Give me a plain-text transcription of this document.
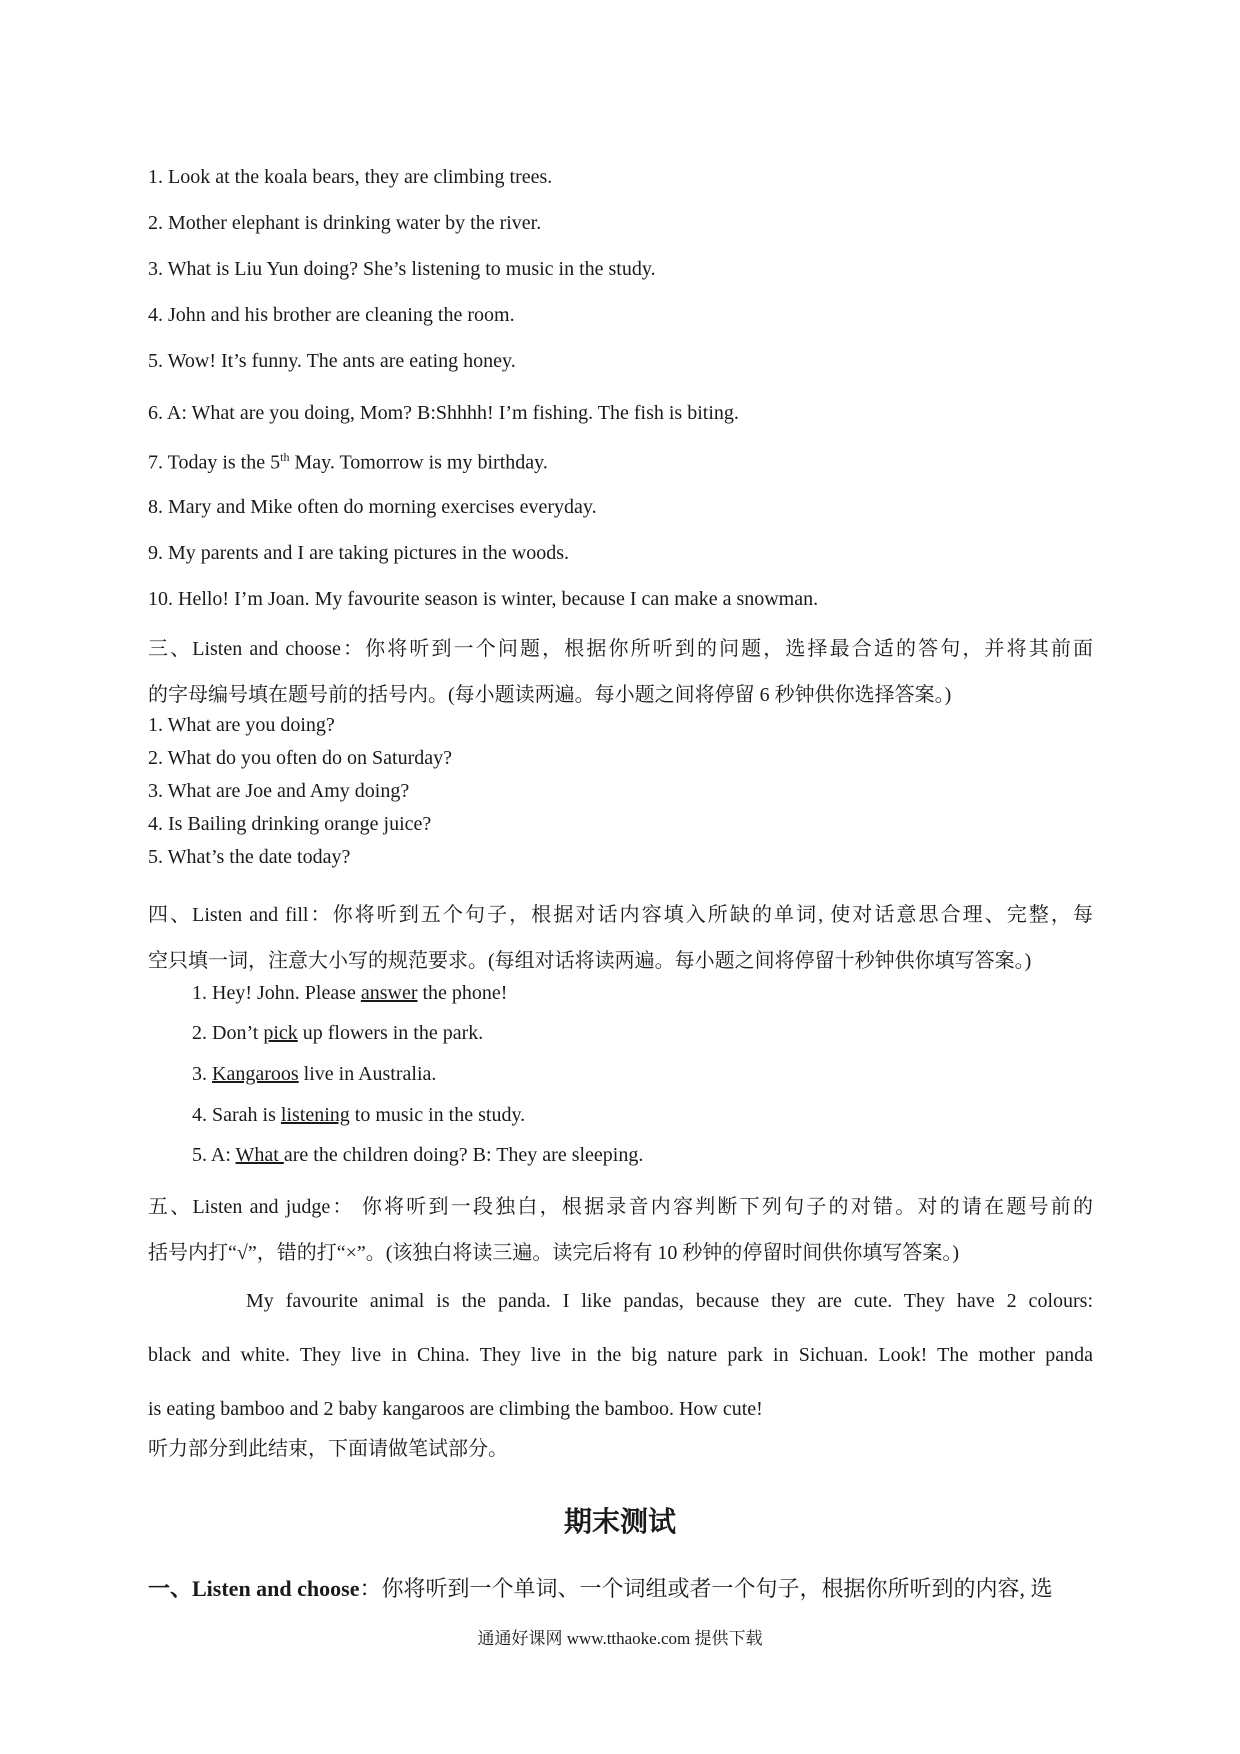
1. Look at the koala bears, they are climbing trees.
2. Mother elephant is drinking water by the river.
3. What is Liu Yun doing? She’s listening to music in the study.
4. John and his brother are cleaning the room.
5. Wow! It’s funny. The ants are eating honey.
6. A: What are you doing, Mom? B:Shhhh! I’m fishing. The fish is biting.
7. Today is the 5th May. Tomorrow is my birthday.
8. Mary and Mike often do morning exercises everyday.
9. My parents and I are taking pictures in the woods.
10. Hello! I’m Joan. My favourite season is winter, because I can make a snowman.
三、Listen and choose：你将听到一个问题，根据你所听到的问题，选择最合适的答句，并将其前面
的字母编号填在题号前的括号内。(每小题读两遍。每小题之间将停留 6 秒钟供你选择答案。)
1. What are you doing?
2. What do you often do on Saturday?
3. What are Joe and Amy doing?
4. Is Bailing drinking orange juice?
5. What’s the date today?
四、Listen and fill：你将听到五个句子，根据对话内容填入所缺的单词, 使对话意思合理、完整，每
空只填一词，注意大小写的规范要求。(每组对话将读两遍。每小题之间将停留十秒钟供你填写答案。)
1. Hey! John. Please answer the phone!
2. Don’t pick up flowers in the park.
3. Kangaroos live in Australia.
4. Sarah is listening to music in the study.
5. A: What are the children doing? B: They are sleeping.
五、Listen and judge： 你将听到一段独白，根据录音内容判断下列句子的对错。对的请在题号前的
括号内打“√”，错的打“×”。(该独白将读三遍。读完后将有 10 秒钟的停留时间供你填写答案。)
My favourite animal is the panda. I like pandas, because they are cute. They have 2 colours:
black and white. They live in China. They live in the big nature park in Sichuan. Look! The mother panda
is eating bamboo and 2 baby kangaroos are climbing the bamboo. How cute!
听力部分到此结束，下面请做笔试部分。
期末测试
一、Listen and choose：你将听到一个单词、一个词组或者一个句子，根据你所听到的内容, 选
通通好课网 www.tthaoke.com 提供下载
